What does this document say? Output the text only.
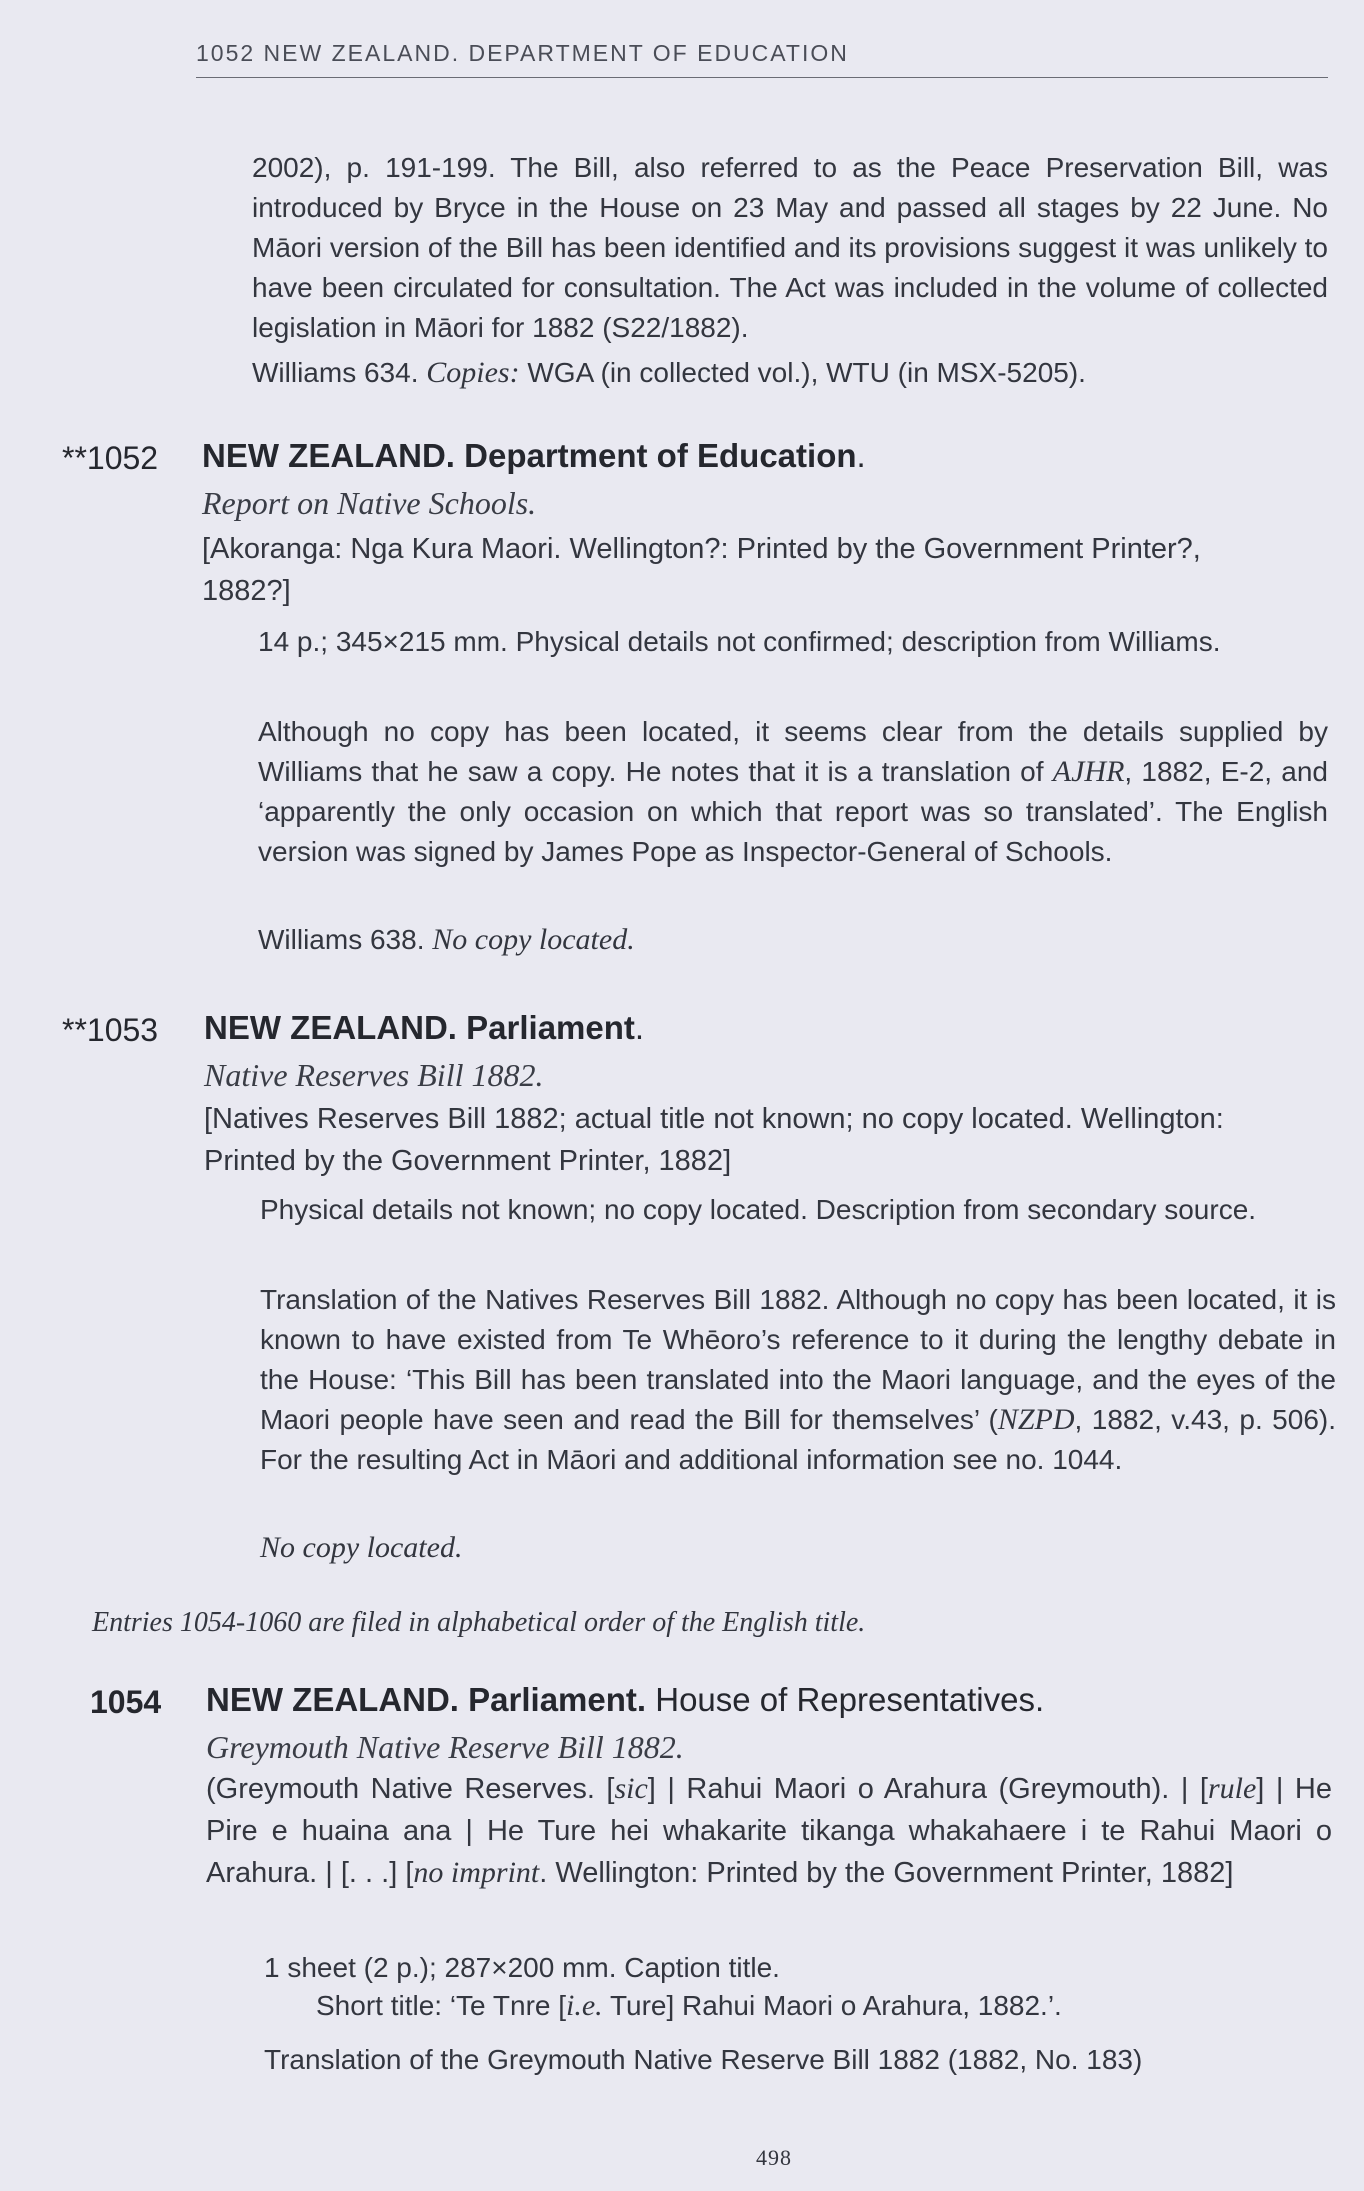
1052 NEW ZEALAND. DEPARTMENT OF EDUCATION
2002), p. 191-199. The Bill, also referred to as the Peace Preservation Bill, was introduced by Bryce in the House on 23 May and passed all stages by 22 June. No Māori version of the Bill has been identified and its provisions suggest it was unlikely to have been circulated for consultation. The Act was included in the volume of collected legislation in Māori for 1882 (S22/1882).
Williams 634. Copies: WGA (in collected vol.), WTU (in MSX-5205).
**1052 NEW ZEALAND. Department of Education.
Report on Native Schools.
[Akoranga: Nga Kura Maori. Wellington?: Printed by the Government Printer?, 1882?]
14 p.; 345×215 mm. Physical details not confirmed; description from Williams.
Although no copy has been located, it seems clear from the details supplied by Williams that he saw a copy. He notes that it is a translation of AJHR, 1882, E-2, and ‘apparently the only occasion on which that report was so translated’. The English version was signed by James Pope as Inspector-General of Schools.
Williams 638. No copy located.
**1053 NEW ZEALAND. Parliament.
Native Reserves Bill 1882.
[Natives Reserves Bill 1882; actual title not known; no copy located. Wellington: Printed by the Government Printer, 1882]
Physical details not known; no copy located. Description from secondary source.
Translation of the Natives Reserves Bill 1882. Although no copy has been located, it is known to have existed from Te Whēoro’s reference to it during the lengthy debate in the House: ‘This Bill has been translated into the Maori language, and the eyes of the Maori people have seen and read the Bill for themselves’ (NZPD, 1882, v.43, p. 506). For the resulting Act in Māori and additional information see no. 1044.
No copy located.
Entries 1054-1060 are filed in alphabetical order of the English title.
1054 NEW ZEALAND. Parliament. House of Representatives.
Greymouth Native Reserve Bill 1882.
(Greymouth Native Reserves. [sic] | Rahui Maori o Arahura (Greymouth). | [rule] | He Pire e huaina ana | He Ture hei whakarite tikanga whakahaere i te Rahui Maori o Arahura. | [. . .] [no imprint. Wellington: Printed by the Government Printer, 1882]
1 sheet (2 p.); 287×200 mm. Caption title.
Short title: ‘Te Tnre [i.e. Ture] Rahui Maori o Arahura, 1882.’.
Translation of the Greymouth Native Reserve Bill 1882 (1882, No. 183)
498
